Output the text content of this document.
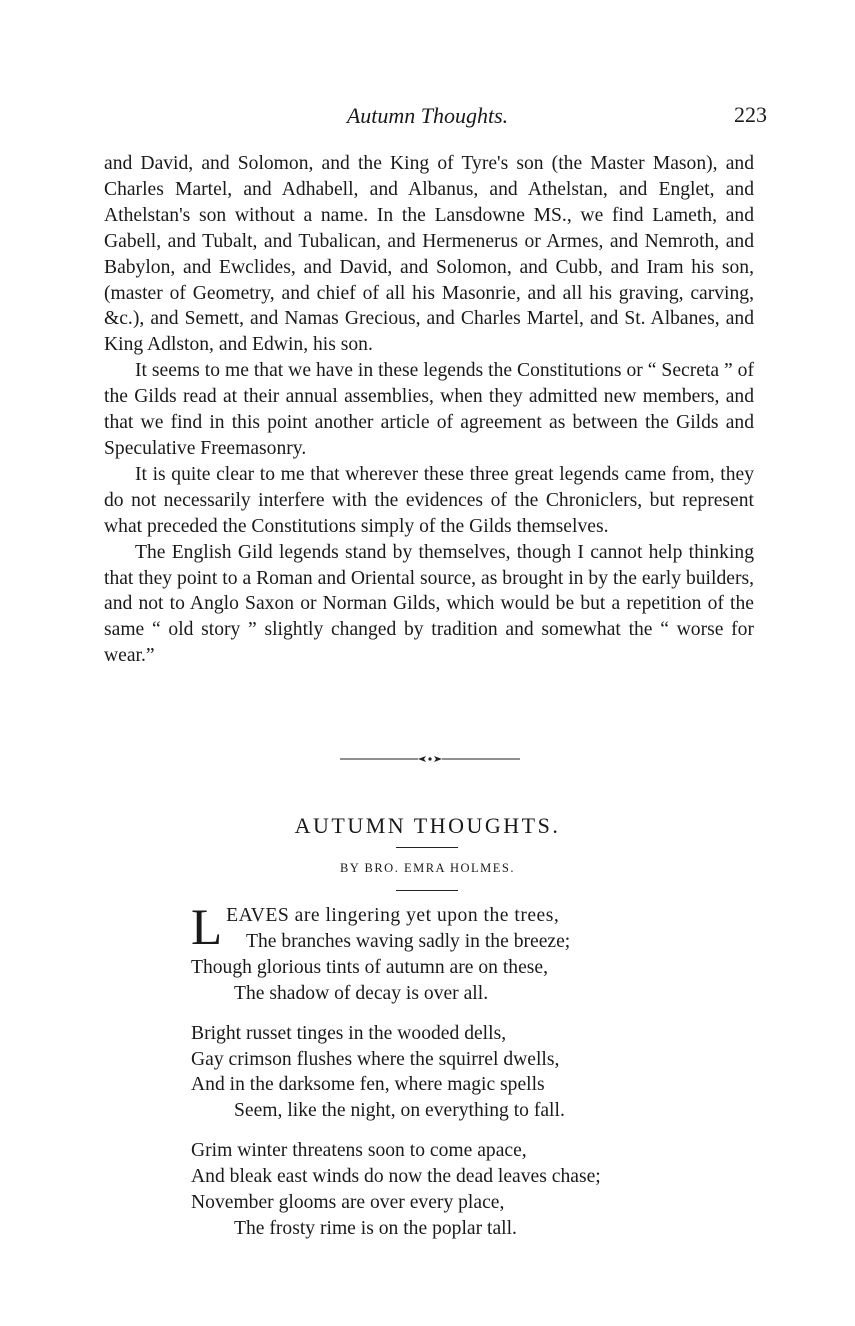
Autumn Thoughts.	223

and David, and Solomon, and the King of Tyre's son (the Master Mason), and Charles Martel, and Adhabell, and Albanus, and Athelstan, and Englet, and Athelstan's son without a name. In the Lansdowne MS., we find Lameth, and Gabell, and Tubalt, and Tubalican, and Hermenerus or Armes, and Nemroth, and Babylon, and Ewclides, and David, and Solomon, and Cubb, and Iram his son, (master of Geometry, and chief of all his Masonrie, and all his graving, carving, &c.), and Semett, and Namas Grecious, and Charles Martel, and St. Albanes, and King Adlston, and Edwin, his son.

It seems to me that we have in these legends the Constitutions or “ Secreta ” of the Gilds read at their annual assemblies, when they admitted new members, and that we find in this point another article of agreement as between the Gilds and Speculative Freemasonry.

It is quite clear to me that wherever these three great legends came from, they do not necessarily interfere with the evidences of the Chroniclers, but represent what preceded the Constitutions simply of the Gilds themselves.

The English Gild legends stand by themselves, though I cannot help thinking that they point to a Roman and Oriental source, as brought in by the early builders, and not to Anglo Saxon or Norman Gilds, which would be but a repetition of the same “ old story ” slightly changed by tradition and somewhat the “ worse for wear.”

AUTUMN THOUGHTS.
BY BRO. EMRA HOLMES.
L EAVES are lingering yet upon the trees,
The branches waving sadly in the breeze;
Though glorious tints of autumn are on these,
The shadow of decay is over all.
Bright russet tinges in the wooded dells,
Gay crimson flushes where the squirrel dwells,
And in the darksome fen, where magic spells
Seem, like the night, on everything to fall.
Grim winter threatens soon to come apace,
And bleak east winds do now the dead leaves chase;
November glooms are over every place,
The frosty rime is on the poplar tall.
